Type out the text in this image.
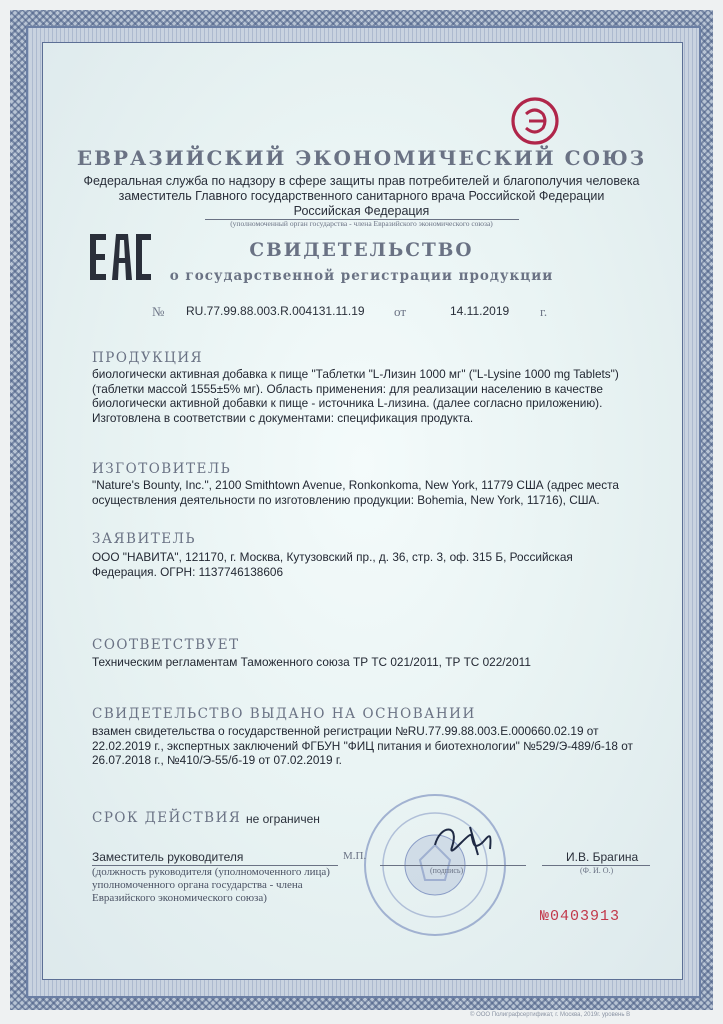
ЕВРАЗИЙСКИЙ ЭКОНОМИЧЕСКИЙ СОЮЗ
Федеральная служба по надзору в сфере защиты прав потребителей и благополучия человека
заместитель Главного государственного санитарного врача Российской Федерации
Российская Федерация
(уполномоченный орган государства - члена Евразийского экономического союза)
СВИДЕТЕЛЬСТВО
о государственной регистрации продукции
№ RU.77.99.88.003.R.004131.11.19 от	14.11.2019 г.
ПРОДУКЦИЯ
биологически активная добавка к пище "Таблетки "L-Лизин 1000 мг" ("L-Lysine 1000 mg Tablets") (таблетки массой 1555±5% мг). Область применения: для реализации населению в качестве биологически активной добавки к пище - источника L-лизина. (далее согласно приложению). Изготовлена в соответствии с документами: спецификация продукта.
ИЗГОТОВИТЕЛЬ
"Nature's Bounty, Inc.", 2100 Smithtown Avenue, Ronkonkoma, New York, 11779 США (адрес места осуществления деятельности по изготовлению продукции: Bohemia, New York, 11716), США.
ЗАЯВИТЕЛЬ
ООО "НАВИТА", 121170, г. Москва, Кутузовский пр., д. 36, стр. 3, оф. 315 Б, Российская Федерация. ОГРН: 1137746138606
СООТВЕТСТВУЕТ
Техническим регламентам Таможенного союза ТР ТС 021/2011, ТР ТС 022/2011
СВИДЕТЕЛЬСТВО ВЫДАНО НА ОСНОВАНИИ
взамен свидетельства о государственной регистрации №RU.77.99.88.003.Е.000660.02.19 от 22.02.2019 г., экспертных заключений ФГБУН "ФИЦ питания и биотехнологии" №529/Э-489/б-18 от 26.07.2018 г., №410/Э-55/б-19 от 07.02.2019 г.
СРОК ДЕЙСТВИЯ не ограничен
Заместитель руководителя
(должность руководителя (уполномоченного лица) уполномоченного органа государства - члена Евразийского экономического союза)
М.П.
(подпись)
И.В. Брагина
(Ф. И. О.)
№0403913
© ООО Полиграфсертификат, г. Москва, 2019г. уровень В
